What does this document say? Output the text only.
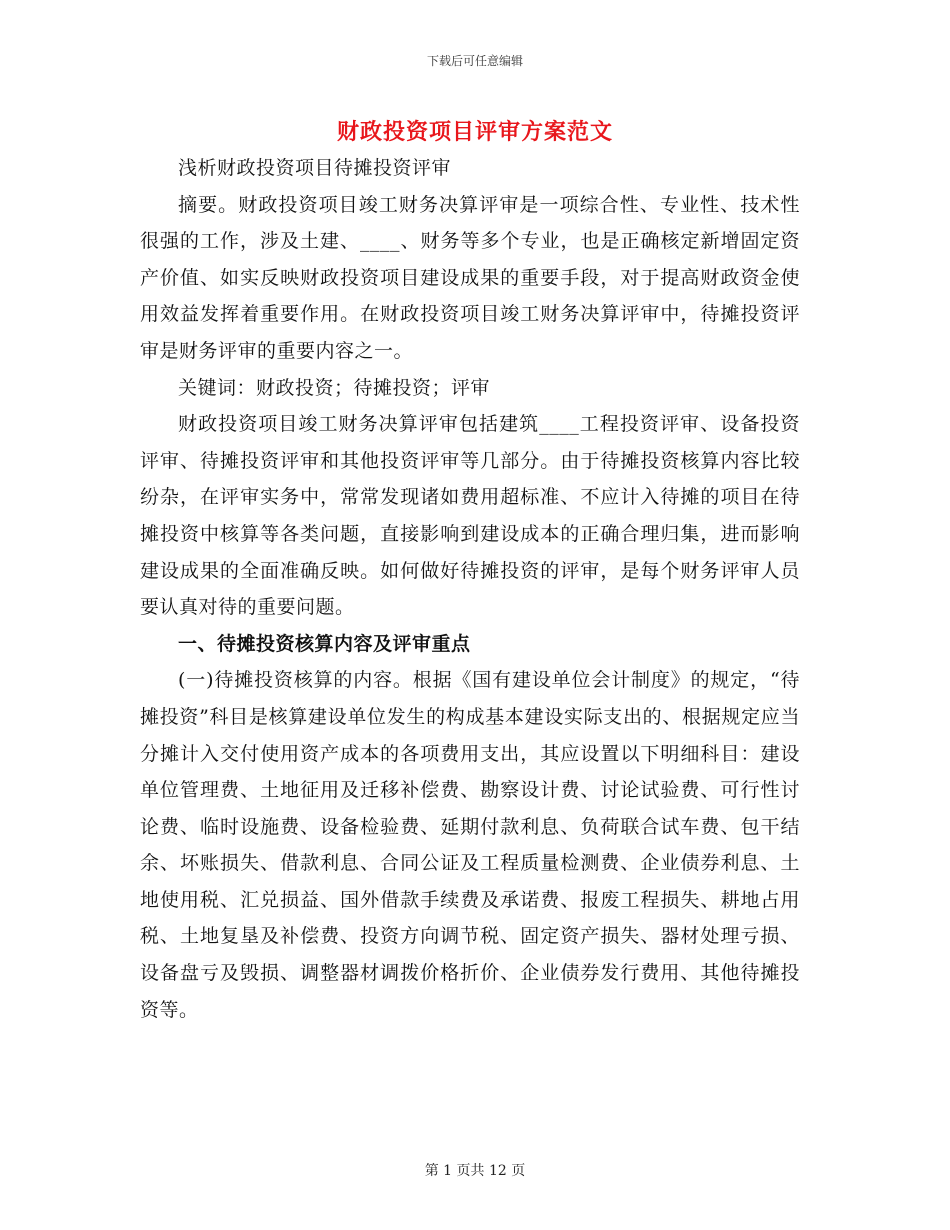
下载后可任意编辑
财政投资项目评审方案范文

浅析财政投资项目待摊投资评审

摘要。财政投资项目竣工财务决算评审是一项综合性、专业性、技术性很强的工作，涉及土建、____、财务等多个专业，也是正确核定新增固定资产价值、如实反映财政投资项目建设成果的重要手段，对于提高财政资金使用效益发挥着重要作用。在财政投资项目竣工财务决算评审中，待摊投资评审是财务评审的重要内容之一。

关键词：财政投资；待摊投资；评审

财政投资项目竣工财务决算评审包括建筑____工程投资评审、设备投资评审、待摊投资评审和其他投资评审等几部分。由于待摊投资核算内容比较纷杂，在评审实务中，常常发现诸如费用超标准、不应计入待摊的项目在待摊投资中核算等各类问题，直接影响到建设成本的正确合理归集，进而影响建设成果的全面准确反映。如何做好待摊投资的评审，是每个财务评审人员要认真对待的重要问题。

一、待摊投资核算内容及评审重点

(一)待摊投资核算的内容。根据《国有建设单位会计制度》的规定，“待摊投资”科目是核算建设单位发生的构成基本建设实际支出的、根据规定应当分摊计入交付使用资产成本的各项费用支出，其应设置以下明细科目：建设单位管理费、土地征用及迁移补偿费、勘察设计费、讨论试验费、可行性讨论费、临时设施费、设备检验费、延期付款利息、负荷联合试车费、包干结余、坏账损失、借款利息、合同公证及工程质量检测费、企业债券利息、土地使用税、汇兑损益、国外借款手续费及承诺费、报废工程损失、耕地占用税、土地复垦及补偿费、投资方向调节税、固定资产损失、器材处理亏损、设备盘亏及毁损、调整器材调拨价格折价、企业债券发行费用、其他待摊投资等。

第 1 页共 12 页
